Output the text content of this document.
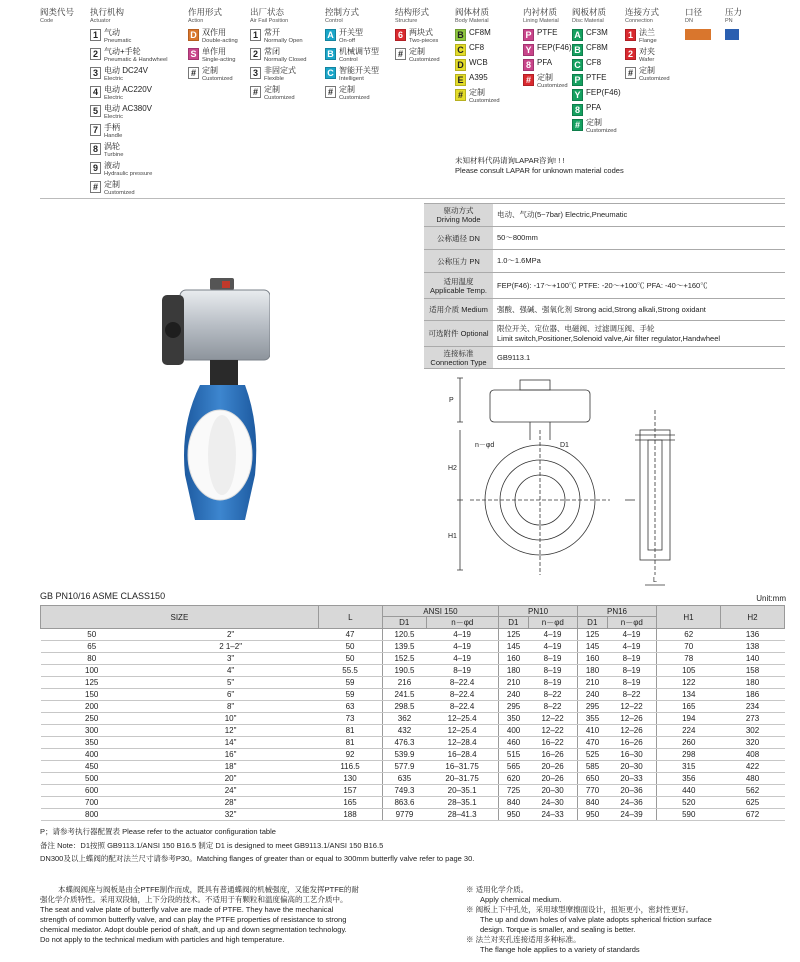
阀类代号
Code
执行机构
Actuator
1 气动
Pneumatic
2 气动+手轮
Pneumatic & Handwheel
3 电动 DC24V
Electric
4 电动 AC220V
Electric
5 电动 AC380V
Electric
7 手柄
Handle
8 涡轮
Turbine
9 液动
Hydraulic pressure
# 定制
Customized
作用形式
Action
D 双作用
Double-acting
S 单作用
Single-acting
# 定制
Customized
出厂状态
Air Fail Position
1 常开
Normally Open
2 常闭
Normally Closed
3 非固定式
Flexible
# 定制
Customized
控制方式
Control
A 开关型
On-off
B 机械调节型
Control
C 智能开关型
Intelligent
# 定制
Customized
结构形式
Structure
6 两块式
Two-pieces
# 定制
Customized
阀体材质
Body Material
B CF8M
C CF8
D WCB
E A395
# 定制
Customized
内衬材质
Lining Material
P PTFE
Y FEP(F46)
8 PFA
# 定制
Customized
阀板材质
Disc Material
A CF3M
B CF8M
C CF8
P PTFE
Y FEP(F46)
8 PFA
# 定制
Customized
连接方式
Connection
1 法兰
Flange
2 对夹
Wafer
# 定制
Customized
口径
DN
压力
PN
未知材料代码请询LAPAR咨询! ! !
Please consult LAPAR for unknown material codes
驱动方式
Driving Mode	电动、气动(5~7bar) Electric,Pneumatic

公称通径 DN	50～800mm

公称压力 PN	1.0～1.6MPa

适用温度
Applicable Temp.	FEP(F46): -17～+100℃ PTFE: -20～+100℃ PFA: -40～+160℃

适用介质 Medium	强酸、强碱、强氧化剂 Strong acid,Strong alkali,Strong oxidant

可选附件 Optional	限位开关、定位器、电磁阀、过滤调压阀、手轮
Limit switch,Positioner,Solenoid valve,Air filter regulator,Handwheel

连接标准
Connection Type	GB9113.1
P
n－φd	D1
H2
H1
L
GB PN10/16 ASME CLASS150	Unit:mm
SIZE		L	ANSI 150		PN10		PN16		H1	H2
			D1	n－φd	D1	n－φd	D1	n－φd		
50	2"	47	120.5	4–19	125	4–19	125	4–19	62	136
65	2 1–2"	50	139.5	4–19	145	4–19	145	4–19	70	138
80	3"	50	152.5	4–19	160	8–19	160	8–19	78	140
100	4"	55.5	190.5	8–19	180	8–19	180	8–19	105	158
125	5"	59	216	8–22.4	210	8–19	210	8–19	122	180
150	6"	59	241.5	8–22.4	240	8–22	240	8–22	134	186
200	8"	63	298.5	8–22.4	295	8–22	295	12–22	165	234
250	10"	73	362	12–25.4	350	12–22	355	12–26	194	273
300	12"	81	432	12–25.4	400	12–22	410	12–26	224	302
350	14"	81	476.3	12–28.4	460	16–22	470	16–26	260	320
400	16"	92	539.9	16–28.4	515	16–26	525	16–30	298	408
450	18"	116.5	577.9	16–31.75	565	20–26	585	20–30	315	422
500	20"	130	635	20–31.75	620	20–26	650	20–33	356	480
600	24"	157	749.3	20–35.1	725	20–30	770	20–36	440	562
700	28"	165	863.6	28–35.1	840	24–30	840	24–36	520	625
800	32"	188	9779	28–41.3	950	24–33	950	24–39	590	672
P；请参考执行器配置表 Please refer to the actuator configuration table
备注 Note：D1按照 GB9113.1/ANSI 150 B16.5 制定 D1 is designed to meet GB9113.1/ANSI 150 B16.5
DN300及以上蝶阀的配对法兰尺寸请参考P30。Matching flanges of greater than or equal to 300mm butterfly valve refer to page 30.
本蝶阀阀座与阀板是由全PTFE制作而成，既具有普通蝶阀的机械强度，又能发挥PTFE的耐
强化学介质特性。采用双段轴，上下分段的技术。不适用于有颗粒和温度偏高的工艺介质中。
The seat and valve plate of butterfly valve are made of PTFE. They have the mechanical
strength of common butterfly valve, and can play the PTFE properties of resistance to strong
chemical mediator. Adopt double period of shaft, and up and down segmentation technology.
Do not apply to the technical medium with particles and high temperature.
※ 适用化学介质。
Apply chemical medium.
※ 阀板上下中孔处，采用球型摩擦面设计，扭矩更小，密封性更好。
The up and down holes of valve plate adopts spherical friction surface
design. Torque is smaller, and sealing is better.
※ 法兰对夹孔连接适用多种标准。
The flange hole applies to a variety of standards
